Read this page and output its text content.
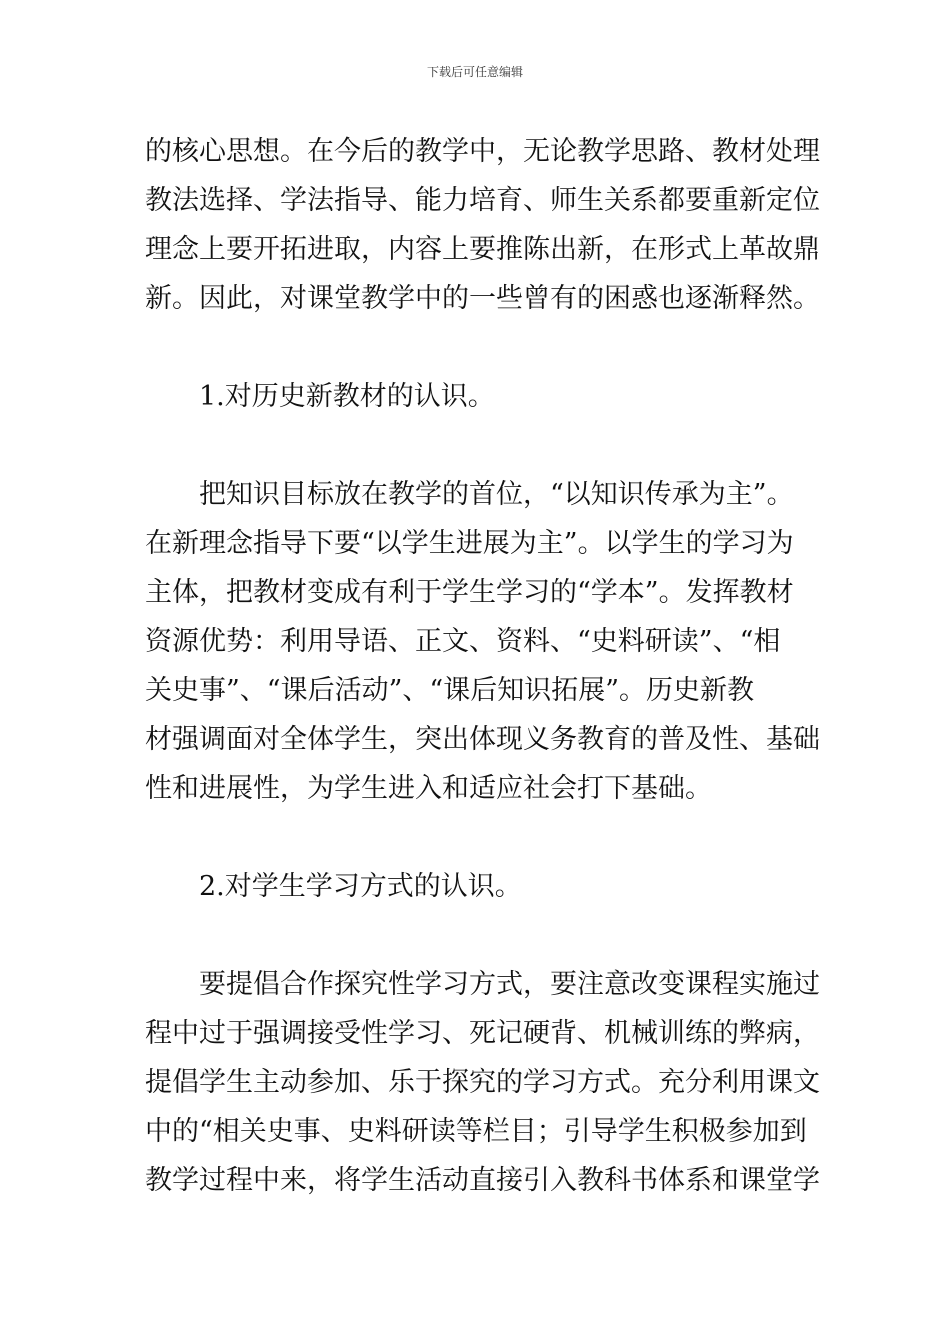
下载后可任意编辑
的核心思想。在今后的教学中，无论教学思路、教材处理
教法选择、学法指导、能力培育、师生关系都要重新定位
理念上要开拓进取，内容上要推陈出新，在形式上革故鼎
新。因此，对课堂教学中的一些曾有的困惑也逐渐释然。
1.对历史新教材的认识。
把知识目标放在教学的首位，“以知识传承为主”。
在新理念指导下要“以学生进展为主”。以学生的学习为
主体，把教材变成有利于学生学习的“学本”。发挥教材
资源优势：利用导语、正文、资料、“史料研读”、“相
关史事”、“课后活动”、“课后知识拓展”。历史新教
材强调面对全体学生，突出体现义务教育的普及性、基础
性和进展性，为学生进入和适应社会打下基础。
2.对学生学习方式的认识。
要提倡合作探究性学习方式，要注意改变课程实施过
程中过于强调接受性学习、死记硬背、机械训练的弊病，
提倡学生主动参加、乐于探究的学习方式。充分利用课文
中的“相关史事、史料研读等栏目；引导学生积极参加到
教学过程中来，将学生活动直接引入教科书体系和课堂学
